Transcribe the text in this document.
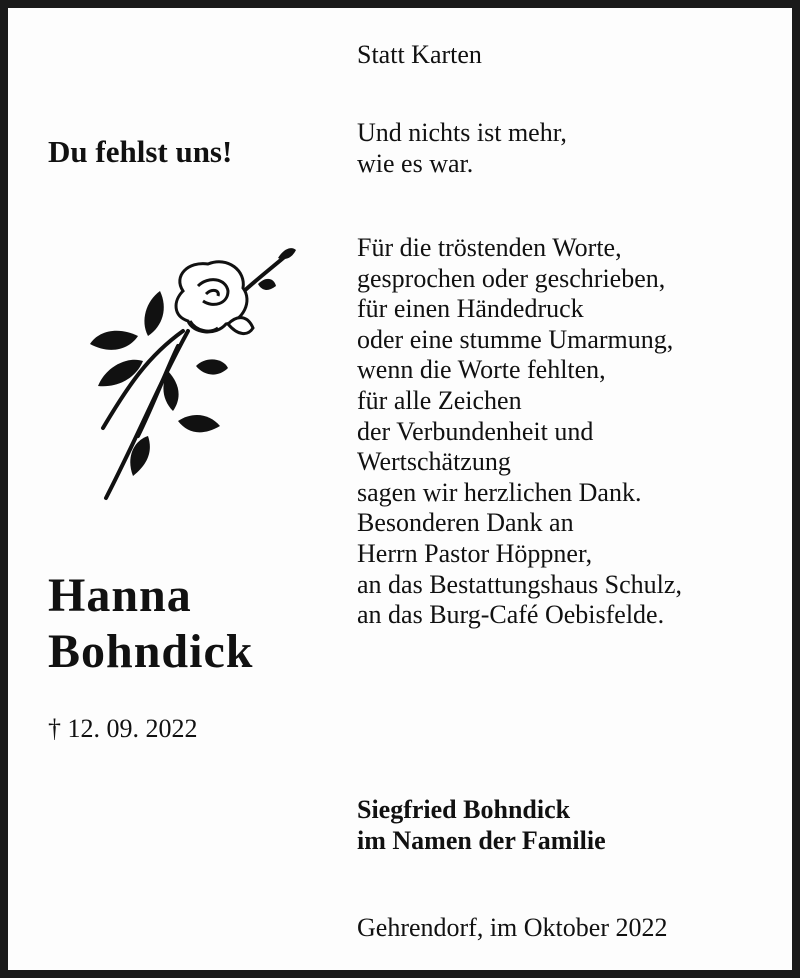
Du fehlst uns!

Hanna
Bohndick

† 12. 09. 2022

Statt Karten

Und nichts ist mehr,
wie es war.

Für die tröstenden Worte,
gesprochen oder geschrieben,
für einen Händedruck
oder eine stumme Umarmung,
wenn die Worte fehlten,
für alle Zeichen
der Verbundenheit und
Wertschätzung
sagen wir herzlichen Dank.
Besonderen Dank an
Herrn Pastor Höppner,
an das Bestattungshaus Schulz,
an das Burg-Café Oebisfelde.

Siegfried Bohndick
im Namen der Familie

Gehrendorf, im Oktober 2022
